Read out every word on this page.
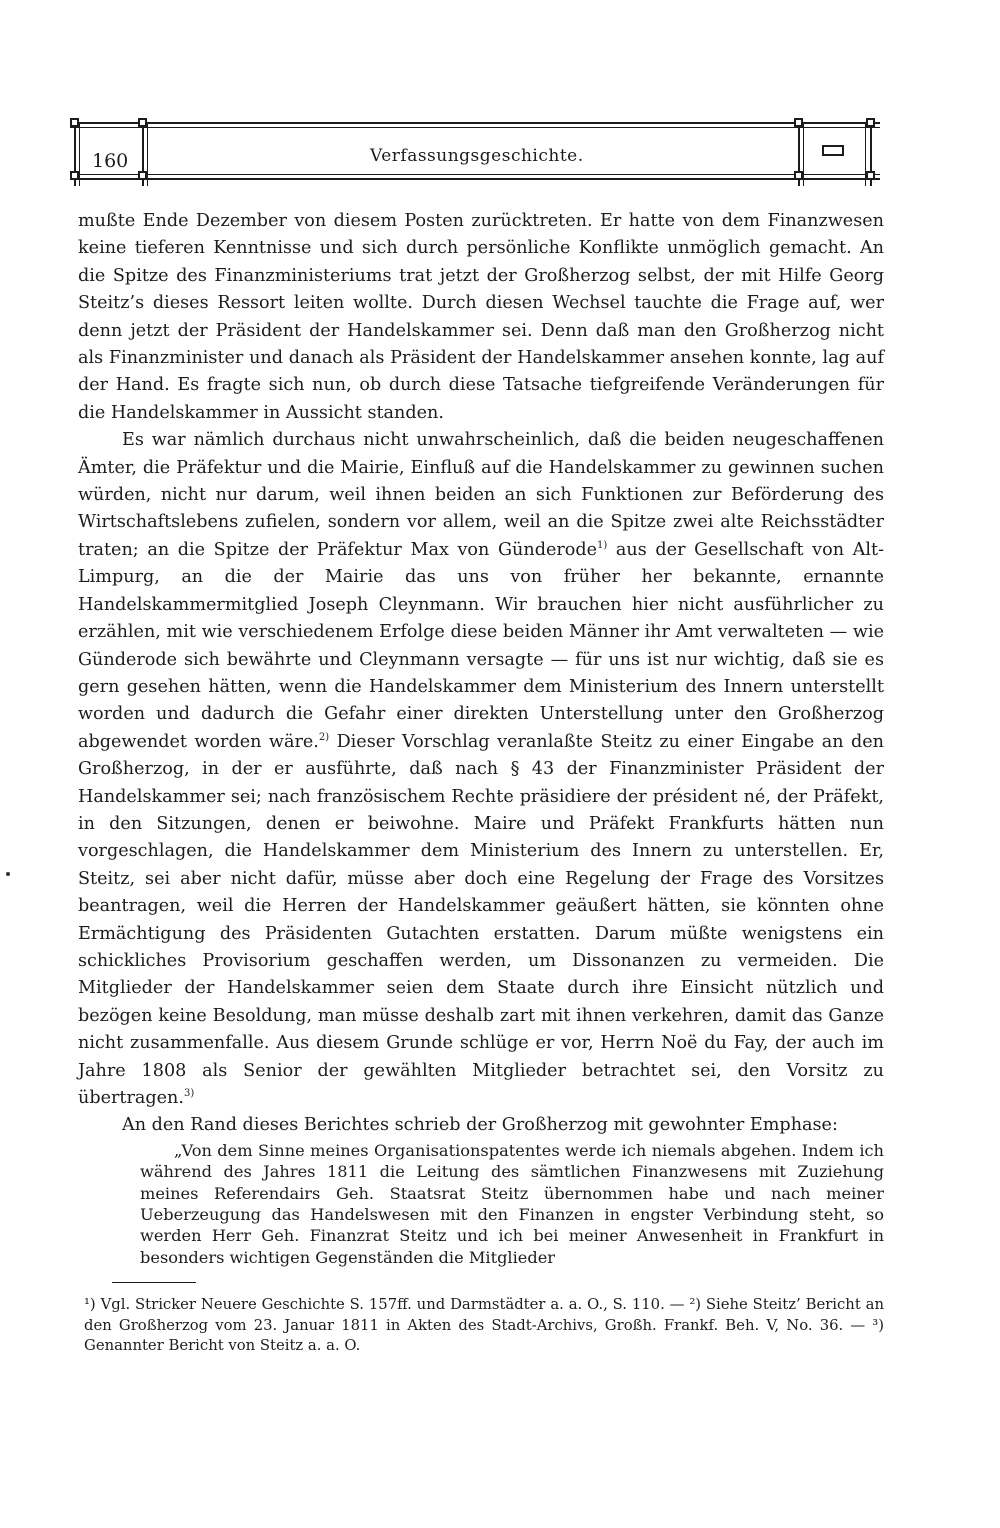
160	Verfassungsgeschichte.

mußte Ende Dezember von diesem Posten zurücktreten. Er hatte von dem Finanzwesen keine tieferen Kenntnisse und sich durch persönliche Konflikte unmöglich gemacht. An die Spitze des Finanzministeriums trat jetzt der Großherzog selbst, der mit Hilfe Georg Steitz’s dieses Ressort leiten wollte. Durch diesen Wechsel tauchte die Frage auf, wer denn jetzt der Präsident der Handelskammer sei. Denn daß man den Großherzog nicht als Finanzminister und danach als Präsident der Handelskammer ansehen konnte, lag auf der Hand. Es fragte sich nun, ob durch diese Tatsache tiefgreifende Veränderungen für die Handelskammer in Aussicht standen.

Es war nämlich durchaus nicht unwahrscheinlich, daß die beiden neugeschaffenen Ämter, die Präfektur und die Mairie, Einfluß auf die Handelskammer zu gewinnen suchen würden, nicht nur darum, weil ihnen beiden an sich Funktionen zur Beförderung des Wirtschaftslebens zufielen, sondern vor allem, weil an die Spitze zwei alte Reichsstädter traten; an die Spitze der Präfektur Max von Günderode$^{1)}$ aus der Gesellschaft von Alt-Limpurg, an die der Mairie das uns von früher her bekannte, ernannte Handelskammermitglied Joseph Cleynmann. Wir brauchen hier nicht ausführlicher zu erzählen, mit wie verschiedenem Erfolge diese beiden Männer ihr Amt verwalteten — wie Günderode sich bewährte und Cleynmann versagte — für uns ist nur wichtig, daß sie es gern gesehen hätten, wenn die Handelskammer dem Ministerium des Innern unterstellt worden und dadurch die Gefahr einer direkten Unterstellung unter den Großherzog abgewendet worden wäre.$^{2)}$ Dieser Vorschlag veranlaßte Steitz zu einer Eingabe an den Großherzog, in der er ausführte, daß nach § 43 der Finanzminister Präsident der Handelskammer sei; nach französischem Rechte präsidiere der président né, der Präfekt, in den Sitzungen, denen er beiwohne. Maire und Präfekt Frankfurts hätten nun vorgeschlagen, die Handelskammer dem Ministerium des Innern zu unterstellen. Er, Steitz, sei aber nicht dafür, müsse aber doch eine Regelung der Frage des Vorsitzes beantragen, weil die Herren der Handelskammer geäußert hätten, sie könnten ohne Ermächtigung des Präsidenten Gutachten erstatten. Darum müßte wenigstens ein schickliches Provisorium geschaffen werden, um Dissonanzen zu vermeiden. Die Mitglieder der Handelskammer seien dem Staate durch ihre Einsicht nützlich und bezögen keine Besoldung, man müsse deshalb zart mit ihnen verkehren, damit das Ganze nicht zusammenfalle. Aus diesem Grunde schlüge er vor, Herrn Noë du Fay, der auch im Jahre 1808 als Senior der gewählten Mitglieder betrachtet sei, den Vorsitz zu übertragen.$^{3)}$

An den Rand dieses Berichtes schrieb der Großherzog mit gewohnter Emphase:

„Von dem Sinne meines Organisationspatentes werde ich niemals abgehen. Indem ich während des Jahres 1811 die Leitung des sämtlichen Finanzwesens mit Zuziehung meines Referendairs Geh. Staatsrat Steitz übernommen habe und nach meiner Ueberzeugung das Handelswesen mit den Finanzen in engster Verbindung steht, so werden Herr Geh. Finanzrat Steitz und ich bei meiner Anwesenheit in Frankfurt in besonders wichtigen Gegenständen die Mitglieder

¹) Vgl. Stricker Neuere Geschichte S. 157ff. und Darmstädter a. a. O., S. 110. — ²) Siehe Steitz’ Bericht an den Großherzog vom 23. Januar 1811 in Akten des Stadt-Archivs, Großh. Frankf. Beh. V, No. 36. — ³) Genannter Bericht von Steitz a. a. O.
